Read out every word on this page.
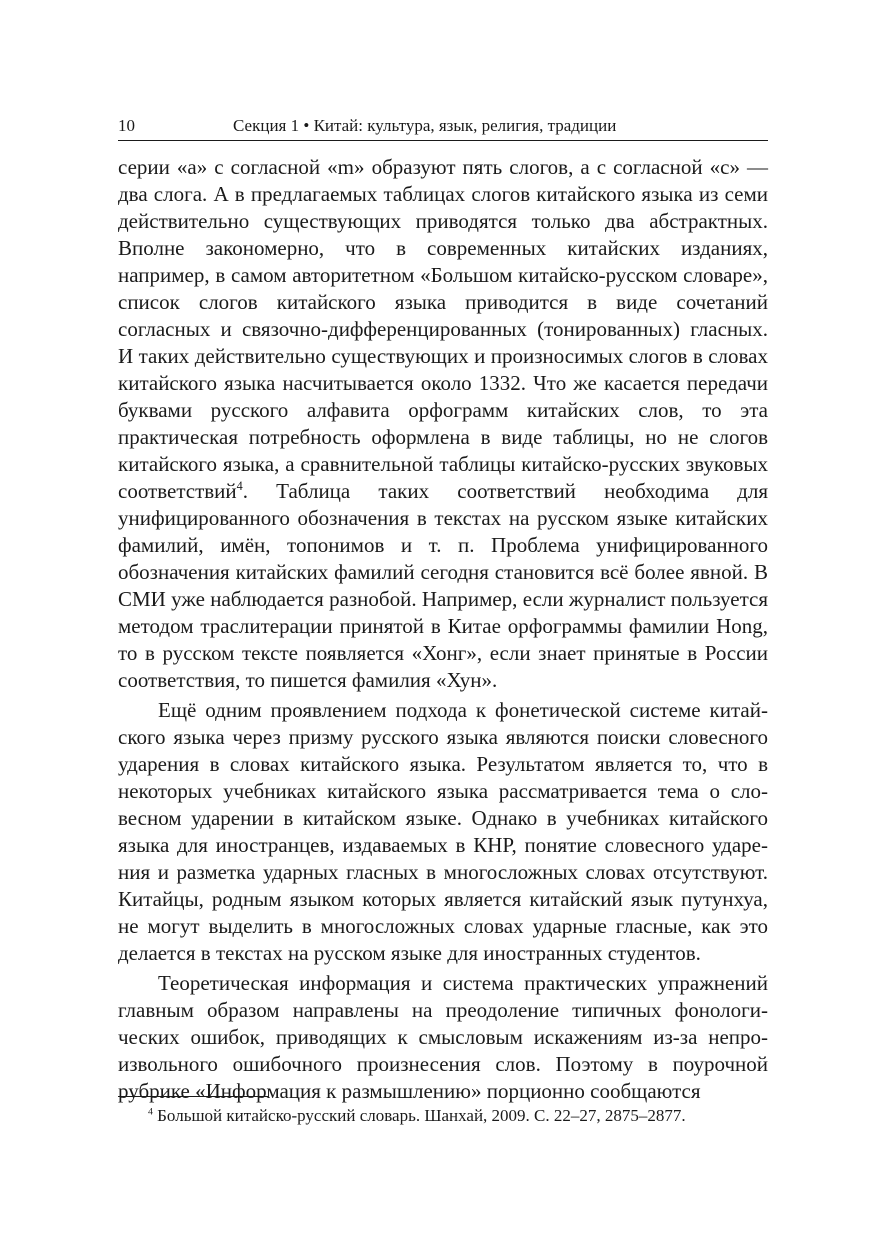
10	Секция 1 • Китай: культура, язык, религия, традиции

серии «а» с согласной «m» образуют пять слогов, а с согласной «c» — два слога. А в предлагаемых таблицах слогов китайского языка из семи действительно существующих приводятся только два абстрактных. Вполне закономерно, что в современных китайских изданиях, например, в самом авторитетном «Большом китайско-русском словаре», список слогов китайского языка приводится в виде сочетаний согласных и связочно-дифференцированных (тонированных) гласных. И таких действительно существующих и произносимых слогов в словах китайского языка насчитывается около 1332. Что же касается передачи буквами русского алфавита орфограмм китайских слов, то эта практическая потребность оформлена в виде таблицы, но не слогов китайского языка, а сравнительной таблицы китайско-русских звуковых соответствий$^4$. Таблица таких соответствий необходима для унифицированного обозначения в текстах на русском языке китайских фамилий, имён, топонимов и т. п. Проблема унифицированного обозначения китайских фамилий сегодня становится всё более явной. В СМИ уже наблюдается разнобой. Например, если журналист пользуется методом траслитерации принятой в Китае орфограммы фамилии Hong, то в русском тексте появляется «Хонг», если знает принятые в России соответствия, то пишется фамилия «Хун».

Ещё одним проявлением подхода к фонетической системе китайского языка через призму русского языка являются поиски словесного ударения в словах китайского языка. Результатом является то, что в некоторых учебниках китайского языка рассматривается тема о словесном ударении в китайском языке. Однако в учебниках китайского языка для иностранцев, издаваемых в КНР, понятие словесного ударения и разметка ударных гласных в многосложных словах отсутствуют. Китайцы, родным языком которых является китайский язык путунхуа, не могут выделить в многосложных словах ударные гласные, как это делается в текстах на русском языке для иностранных студентов.

Теоретическая информация и система практических упражнений главным образом направлены на преодоление типичных фонологических ошибок, приводящих к смысловым искажениям из-за непроизвольного ошибочного произнесения слов. Поэтому в поурочной рубрике «Информация к размышлению» порционно сообщаются

$^4$ Большой китайско-русский словарь. Шанхай, 2009. С. 22–27, 2875–2877.
